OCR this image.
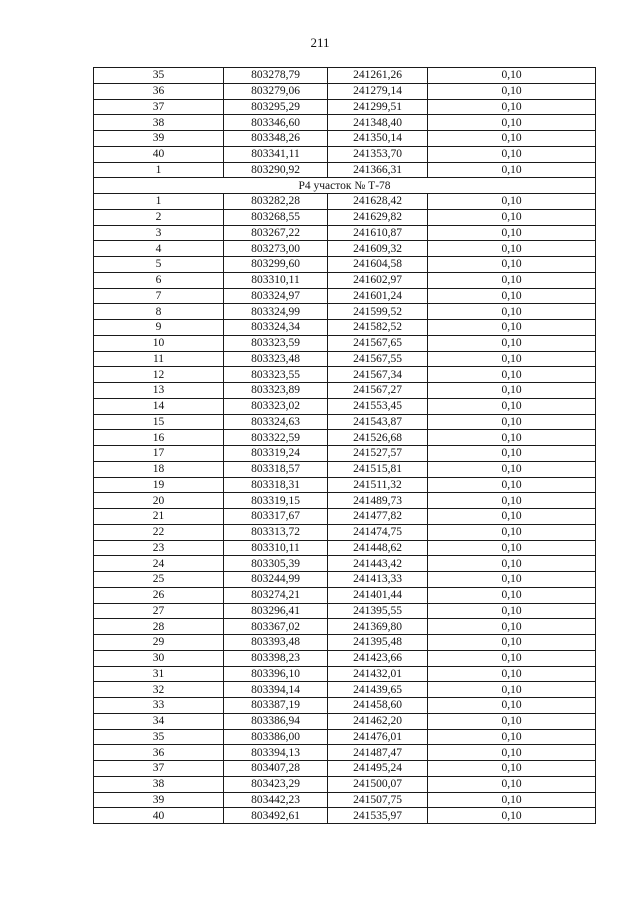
211
35	803278,79	241261,26	0,10
36	803279,06	241279,14	0,10
37	803295,29	241299,51	0,10
38	803346,60	241348,40	0,10
39	803348,26	241350,14	0,10
40	803341,11	241353,70	0,10
1	803290,92	241366,31	0,10
Р4 участок № Т-78			
1	803282,28	241628,42	0,10
2	803268,55	241629,82	0,10
3	803267,22	241610,87	0,10
4	803273,00	241609,32	0,10
5	803299,60	241604,58	0,10
6	803310,11	241602,97	0,10
7	803324,97	241601,24	0,10
8	803324,99	241599,52	0,10
9	803324,34	241582,52	0,10
10	803323,59	241567,65	0,10
11	803323,48	241567,55	0,10
12	803323,55	241567,34	0,10
13	803323,89	241567,27	0,10
14	803323,02	241553,45	0,10
15	803324,63	241543,87	0,10
16	803322,59	241526,68	0,10
17	803319,24	241527,57	0,10
18	803318,57	241515,81	0,10
19	803318,31	241511,32	0,10
20	803319,15	241489,73	0,10
21	803317,67	241477,82	0,10
22	803313,72	241474,75	0,10
23	803310,11	241448,62	0,10
24	803305,39	241443,42	0,10
25	803244,99	241413,33	0,10
26	803274,21	241401,44	0,10
27	803296,41	241395,55	0,10
28	803367,02	241369,80	0,10
29	803393,48	241395,48	0,10
30	803398,23	241423,66	0,10
31	803396,10	241432,01	0,10
32	803394,14	241439,65	0,10
33	803387,19	241458,60	0,10
34	803386,94	241462,20	0,10
35	803386,00	241476,01	0,10
36	803394,13	241487,47	0,10
37	803407,28	241495,24	0,10
38	803423,29	241500,07	0,10
39	803442,23	241507,75	0,10
40	803492,61	241535,97	0,10
